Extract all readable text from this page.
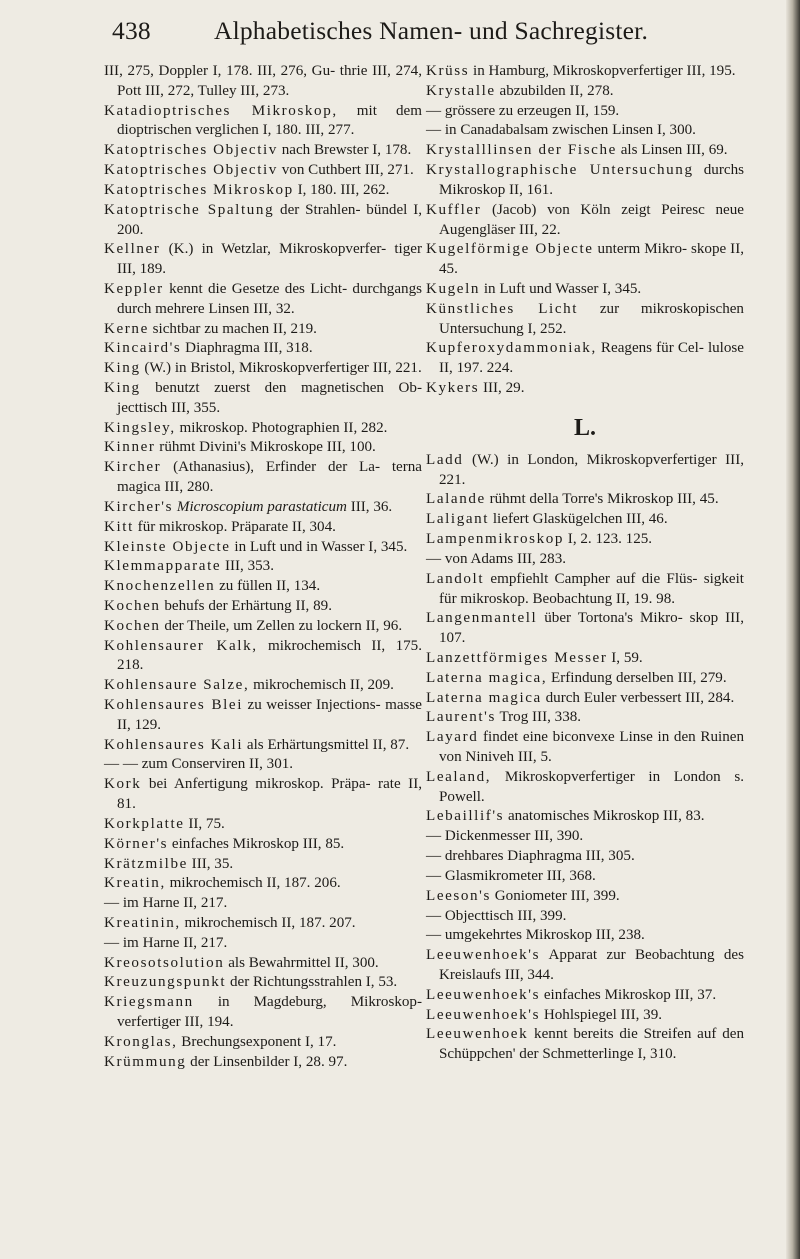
438	Alphabetisches Namen- und Sachregister.

III, 275, Doppler I, 178. III, 276, Gu- thrie III, 274, Pott III, 272, Tulley III, 273.

Katadioptrisches Mikroskop, mit dem dioptrischen verglichen I, 180. III, 277.

Katoptrisches Objectiv nach Brewster I, 178.

Katoptrisches Objectiv von Cuthbert III, 271.

Katoptrisches Mikroskop I, 180. III, 262.

Katoptrische Spaltung der Strahlen- bündel I, 200.

Kellner (K.) in Wetzlar, Mikroskopverfer- tiger III, 189.

Keppler kennt die Gesetze des Licht- durchgangs durch mehrere Linsen III, 32.

Kerne sichtbar zu machen II, 219.

Kincaird's Diaphragma III, 318.

King (W.) in Bristol, Mikroskopverfertiger III, 221.

King benutzt zuerst den magnetischen Ob- jecttisch III, 355.

Kingsley, mikroskop. Photographien II, 282.

Kinner rühmt Divini's Mikroskope III, 100.

Kircher (Athanasius), Erfinder der La- terna magica III, 280.

Kircher's Microscopium parastaticum III, 36.

Kitt für mikroskop. Präparate II, 304.

Kleinste Objecte in Luft und in Wasser I, 345.

Klemmapparate III, 353.

Knochenzellen zu füllen II, 134.

Kochen behufs der Erhärtung II, 89.

Kochen der Theile, um Zellen zu lockern II, 96.

Kohlensaurer Kalk, mikrochemisch II, 175. 218.

Kohlensaure Salze, mikrochemisch II, 209.

Kohlensaures Blei zu weisser Injections- masse II, 129.

Kohlensaures Kali als Erhärtungsmittel II, 87.

— — zum Conserviren II, 301.

Kork bei Anfertigung mikroskop. Präpa- rate II, 81.

Korkplatte II, 75.

Körner's einfaches Mikroskop III, 85.

Krätzmilbe III, 35.

Kreatin, mikrochemisch II, 187. 206.

— im Harne II, 217.

Kreatinin, mikrochemisch II, 187. 207.

— im Harne II, 217.

Kreosotsolution als Bewahrmittel II, 300.

Kreuzungspunkt der Richtungsstrahlen I, 53.

Kriegsmann in Magdeburg, Mikroskop- verfertiger III, 194.

Kronglas, Brechungsexponent I, 17.

Krümmung der Linsenbilder I, 28. 97.

Krüss in Hamburg, Mikroskopverfertiger III, 195.

Krystalle abzubilden II, 278.

— grössere zu erzeugen II, 159.

— in Canadabalsam zwischen Linsen I, 300.

Krystalllinsen der Fische als Linsen III, 69.

Krystallographische Untersuchung durchs Mikroskop II, 161.

Kuffler (Jacob) von Köln zeigt Peiresc neue Augengläser III, 22.

Kugelförmige Objecte unterm Mikro- skope II, 45.

Kugeln in Luft und Wasser I, 345.

Künstliches Licht zur mikroskopischen Untersuchung I, 252.

Kupferoxydammoniak, Reagens für Cel- lulose II, 197. 224.

Kykers III, 29.

L.

Ladd (W.) in London, Mikroskopverfertiger III, 221.

Lalande rühmt della Torre's Mikroskop III, 45.

Laligant liefert Glaskügelchen III, 46.

Lampenmikroskop I, 2. 123. 125.

— von Adams III, 283.

Landolt empfiehlt Campher auf die Flüs- sigkeit für mikroskop. Beobachtung II, 19. 98.

Langenmantell über Tortona's Mikro- skop III, 107.

Lanzettförmiges Messer I, 59.

Laterna magica, Erfindung derselben III, 279.

Laterna magica durch Euler verbessert III, 284.

Laurent's Trog III, 338.

Layard findet eine biconvexe Linse in den Ruinen von Niniveh III, 5.

Lealand, Mikroskopverfertiger in London s. Powell.

Lebaillif's anatomisches Mikroskop III, 83.

— Dickenmesser III, 390.

— drehbares Diaphragma III, 305.

— Glasmikrometer III, 368.

Leeson's Goniometer III, 399.

— Objecttisch III, 399.

— umgekehrtes Mikroskop III, 238.

Leeuwenhoek's Apparat zur Beobachtung des Kreislaufs III, 344.

Leeuwenhoek's einfaches Mikroskop III, 37.

Leeuwenhoek's Hohlspiegel III, 39.

Leeuwenhoek kennt bereits die Streifen auf den Schüppchen' der Schmetterlinge I, 310.
